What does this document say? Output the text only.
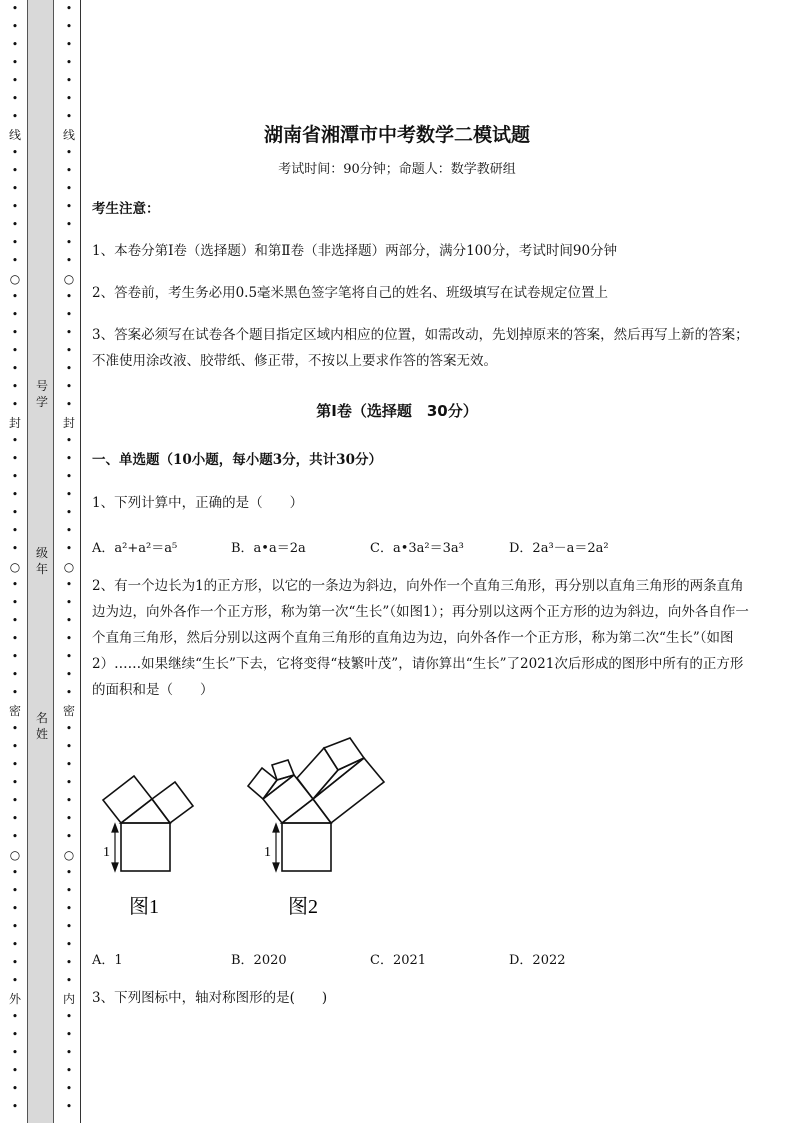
•
•
•
•
•
•
•
线
•
•
•
•
•
•
•
○
•
•
•
•
•
•
•
封
•
•
•
•
•
•
•
○
•
•
•
•
•
•
•
密
•
•
•
•
•
•
•
○
•
•
•
•
•
•
•
外
•
•
•
•
•
•
•
•
•
•
•
•
•
线
•
•
•
•
•
•
•
○
•
•
•
•
•
•
•
封
•
•
•
•
•
•
•
○
•
•
•
•
•
•
•
密
•
•
•
•
•
•
•
○
•
•
•
•
•
•
•
内
•
•
•
•
•
•
号
学
级
年
名
姓
湖南省湘潭市中考数学二模试题
考试时间：90分钟；命题人：数学教研组
考生注意：
1、本卷分第Ⅰ卷（选择题）和第Ⅱ卷（非选择题）两部分，满分100分，考试时间90分钟
2、答卷前，考生务必用0.5毫米黑色签字笔将自己的姓名、班级填写在试卷规定位置上
3、答案必须写在试卷各个题目指定区域内相应的位置，如需改动，先划掉原来的答案，然后再写上新的答案；不准使用涂改液、胶带纸、修正带，不按以上要求作答的答案无效。
第Ⅰ卷（选择题　30分）
一、单选题（10小题，每小题3分，共计30分）
1、下列计算中，正确的是（　　）
A．a²+a²＝a⁵	B．a•a＝2a	C．a•3a²＝3a³	D．2a³－a＝2a²
2、有一个边长为1的正方形，以它的一条边为斜边，向外作一个直角三角形，再分别以直角三角形的两条直角边为边，向外各作一个正方形，称为第一次“生长”（如图1）；再分别以这两个正方形的边为斜边，向外各自作一个直角三角形，然后分别以这两个直角三角形的直角边为边，向外各作一个正方形，称为第二次“生长”（如图2）……如果继续“生长”下去，它将变得“枝繁叶茂”，请你算出“生长”了2021次后形成的图形中所有的正方形的面积和是（　　）
1	1
图1	图2
A．1	B．2020	C．2021	D．2022
3、下列图标中，轴对称图形的是(　　)
